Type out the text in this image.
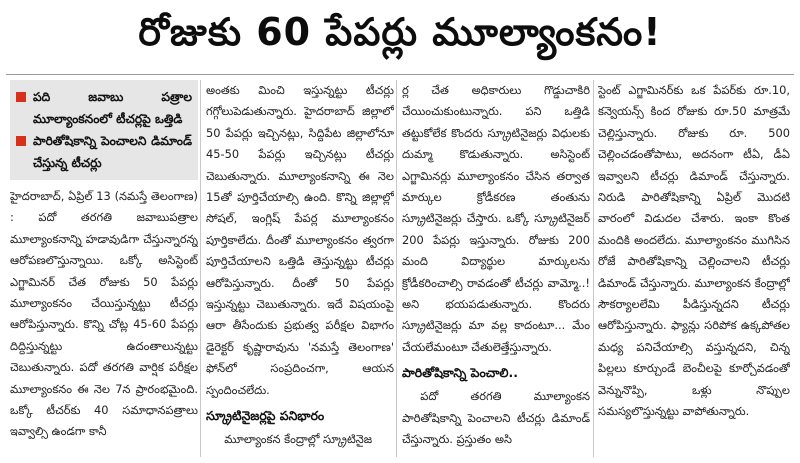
రోజుకు 60 పేపర్లు మూల్యాంకనం!
పది జవాబు పత్రాల మూల్యాంకనంలో టీచర్లపై ఒత్తిడి
పారితోషికాన్ని పెంచాలని డిమాండ్ చేస్తున్న టీచర్లు

హైదరాబాద్, ఏప్రిల్ 13 (నమస్తే తెలంగాణ) : పదో తరగతి జవాబుపత్రాల మూల్యాంకనాన్ని హడావుడిగా చేస్తున్నారన్న ఆరోపణలొస్తున్నాయి. ఒక్కో అసిస్టెంట్ ఎగ్జామినర్ చేత రోజుకు 50 పేపర్లు మూల్యాంకనం చేయిస్తున్నట్టు టీచర్లు ఆరోపిస్తున్నారు. కొన్ని చోట్ల 45-60 పేపర్లు దిద్దిస్తున్నట్టు ఉదంతాలున్నట్టు చెబుతున్నారు. పదో తరగతి వార్షిక పరీక్షల మూల్యాంకనం ఈ నెల 7న ప్రారంభమైంది. ఒక్కో టీచర్‌కు 40 సమాధానపత్రాలు ఇవ్వాల్సి ఉండగా కానీ

అంతకు మించి ఇస్తున్నట్టు టీచర్లు గగ్గోలుపెడుతున్నారు. హైదరాబాద్ జిల్లాలో 50 పేపర్లు ఇచ్చినట్లు, సిద్దిపేట జిల్లాలోనూ 45-50 పేపర్లు ఇచ్చినట్లు టీచర్లు చెబుతున్నారు. మూల్యాంకనాన్ని ఈ నెల 15తో పూర్తిచేయాల్సి ఉంది. కొన్ని జిల్లాల్లో సోషల్, ఇంగ్లిష్ పేపర్ల మూల్యాంకనం పూర్తికాలేదు. దీంతో మూల్యాంకనం త్వరగా పూర్తిచేయాలని ఒత్తిడి తెస్తున్నట్టు టీచర్లు ఆరోపిస్తున్నారు. దీంతో 50 పేపర్లు ఇస్తున్నట్టు చెబుతున్నారు. ఇదే విషయంపై ఆరా తీసేందుకు ప్రభుత్వ పరీక్షల విభాగం డైరెక్టర్ కృష్ణారావును 'నమస్తే తెలంగాణ' ఫోన్‌లో సంప్రదించగా, ఆయన స్పందించలేదు.

స్క్రూటినైజర్లపై పనిభారం

మూల్యాంకన కేంద్రాల్లో స్క్రూటినైజ

ర్ల చేత అధికారులు గొడ్డుచాకిరి చేయించుకుంటున్నారు. పని ఒత్తిడి తట్టుకోలేక కొందరు స్క్రూటినైజర్లు విధులకు దుమ్మా కొడుతున్నారు. అసిస్టెంట్ ఎగ్జామినర్లు మూల్యాంకనం చేసిన తర్వాత మార్కుల క్రోడీకరణ తంతును స్క్రూటినైజర్లు చేస్తారు. ఒక్కో స్క్రూటినైజర్ 200 పేపర్లు ఇస్తున్నారు. రోజుకు 200 మంది విద్యార్థుల మార్కులను క్రోడీకరించాల్సి రావడంతో టీచర్లు వామ్మో..! అని భయపడుతున్నారు. కొందరు స్క్రూటినైజర్లు మా వల్ల కాదంటూ... మేం చేయలేమంటూ చేతులెత్తేస్తున్నారు.

పారితోషికాన్ని పెంచాలి..

పదో తరగతి మూల్యాంకన పారితోషికాన్ని పెంచాలని టీచర్లు డిమాండ్ చేస్తున్నారు. ప్రస్తుతం అసి

స్టెంట్ ఎగ్జామినర్‌కు ఒక పేపర్‌కు రూ.10, కన్వెయన్స్ కింద రోజుకు రూ.50 మాత్రమే చెల్లిస్తున్నారు. రోజుకు రూ. 500 చెల్లించడంతోపాటు, అదనంగా టీఏ, డీఏ ఇవ్వాలని టీచర్లు డిమాండ్ చేస్తున్నారు. నిరుడి పారితోషికాన్ని ఏప్రిల్ మొదటి వారంలో విడుదల చేశారు. ఇంకా కొంత మందికి అందలేదు. మూల్యాంకనం ముగిసిన రోజే పారితోషికాన్ని చెల్లించాలని టీచర్లు డిమాండ్ చేస్తున్నారు. మూల్యాంకన కేంద్రాల్లో సౌకర్యాలలేమి పీడిస్తున్నదని టీచర్లు ఆరోపిస్తున్నారు. ఫ్యాన్లు సరిపోక ఉక్కపోతల మధ్య పనిచేయాల్సి వస్తున్నదని, చిన్న పిల్లలు కూర్చుండే బెంచీలపై కూర్చోవడంతో వెన్నునొప్పి, ఒళ్లు నొప్పుల సమస్యలొస్తున్నట్టు వాపోతున్నారు.
